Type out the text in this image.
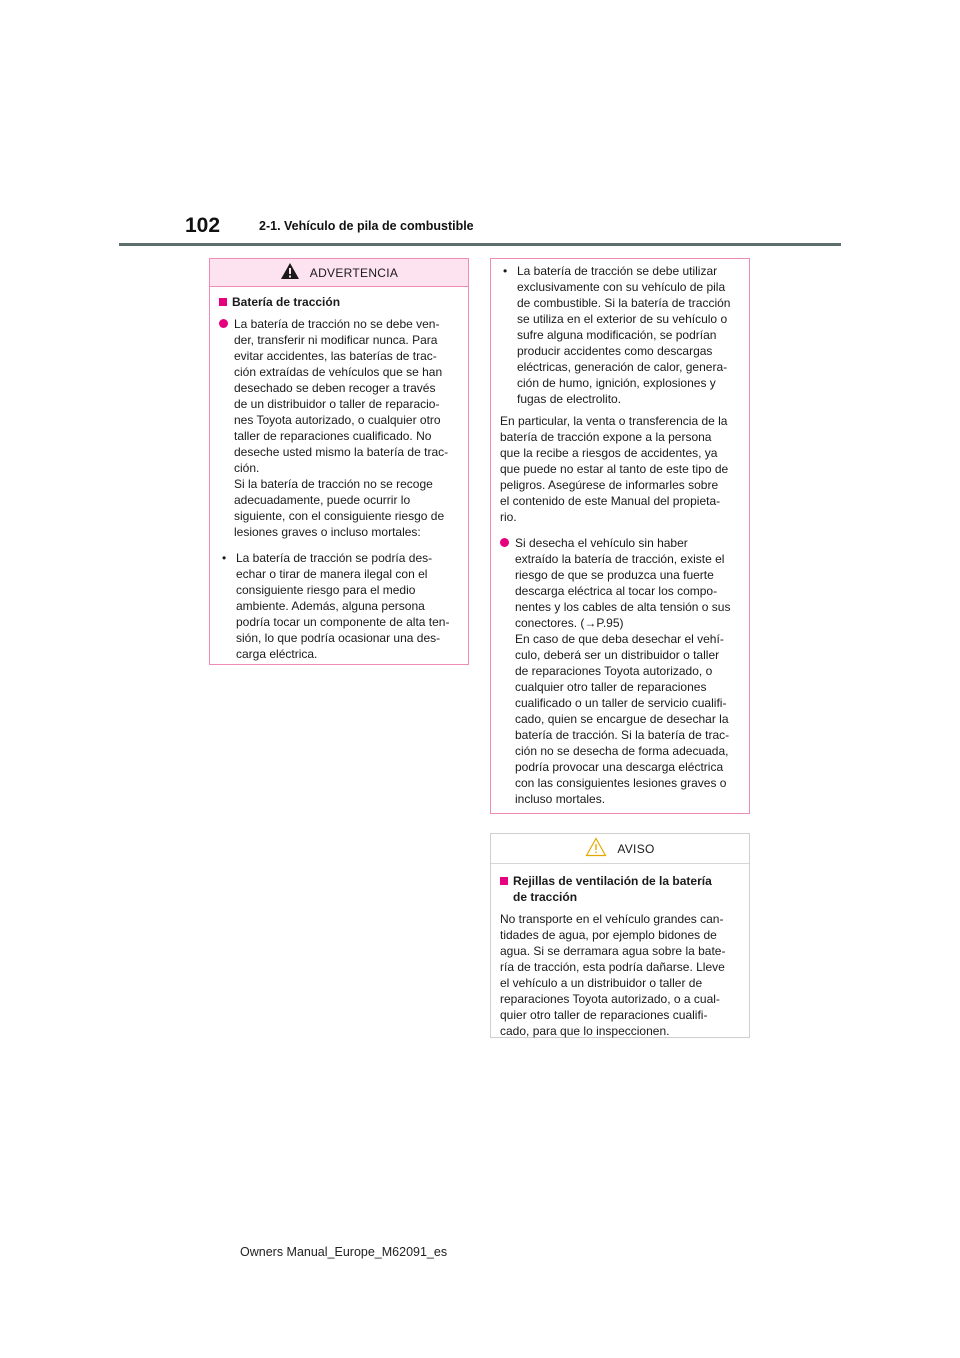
102	2-1. Vehículo de pila de combustible
ADVERTENCIA
Batería de tracción
La batería de tracción no se debe ven-
der, transferir ni modificar nunca. Para
evitar accidentes, las baterías de trac-
ción extraídas de vehículos que se han
desechado se deben recoger a través
de un distribuidor o taller de reparacio-
nes Toyota autorizado, o cualquier otro
taller de reparaciones cualificado. No
deseche usted mismo la batería de trac-
ción.
Si la batería de tracción no se recoge
adecuadamente, puede ocurrir lo
siguiente, con el consiguiente riesgo de
lesiones graves o incluso mortales:
• La batería de tracción se podría des-
echar o tirar de manera ilegal con el
consiguiente riesgo para el medio
ambiente. Además, alguna persona
podría tocar un componente de alta ten-
sión, lo que podría ocasionar una des-
carga eléctrica.
• La batería de tracción se debe utilizar
exclusivamente con su vehículo de pila
de combustible. Si la batería de tracción
se utiliza en el exterior de su vehículo o
sufre alguna modificación, se podrían
producir accidentes como descargas
eléctricas, generación de calor, genera-
ción de humo, ignición, explosiones y
fugas de electrolito.

En particular, la venta o transferencia de la
batería de tracción expone a la persona
que la recibe a riesgos de accidentes, ya
que puede no estar al tanto de este tipo de
peligros. Asegúrese de informarles sobre
el contenido de este Manual del propieta-
rio.

Si desecha el vehículo sin haber
extraído la batería de tracción, existe el
riesgo de que se produzca una fuerte
descarga eléctrica al tocar los compo-
nentes y los cables de alta tensión o sus
conectores. (→P.95)
En caso de que deba desechar el vehí-
culo, deberá ser un distribuidor o taller
de reparaciones Toyota autorizado, o
cualquier otro taller de reparaciones
cualificado o un taller de servicio cualifi-
cado, quien se encargue de desechar la
batería de tracción. Si la batería de trac-
ción no se desecha de forma adecuada,
podría provocar una descarga eléctrica
con las consiguientes lesiones graves o
incluso mortales.
AVISO
Rejillas de ventilación de la batería
de tracción

No transporte en el vehículo grandes can-
tidades de agua, por ejemplo bidones de
agua. Si se derramara agua sobre la bate-
ría de tracción, esta podría dañarse. Lleve
el vehículo a un distribuidor o taller de
reparaciones Toyota autorizado, o a cual-
quier otro taller de reparaciones cualifi-
cado, para que lo inspeccionen.

Owners Manual_Europe_M62091_es
